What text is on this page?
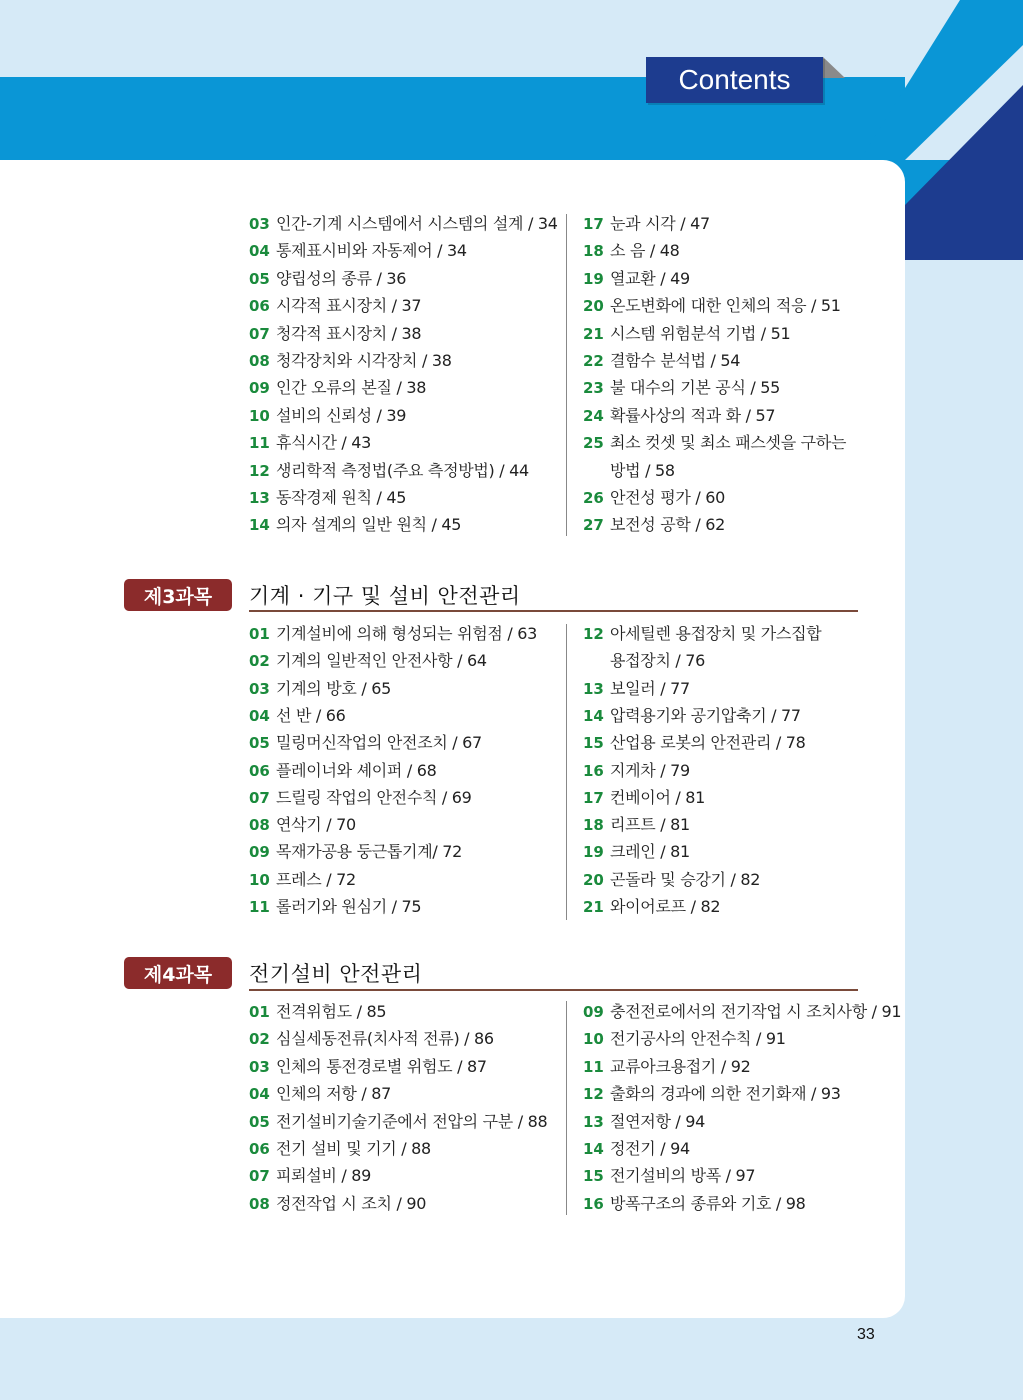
Contents
03 인간-기계 시스템에서 시스템의 설계 / 34
04 통제표시비와 자동제어 / 34
05 양립성의 종류 / 36
06 시각적 표시장치 / 37
07 청각적 표시장치 / 38
08 청각장치와 시각장치 / 38
09 인간 오류의 본질 / 38
10 설비의 신뢰성 / 39
11 휴식시간 / 43
12 생리학적 측정법(주요 측정방법) / 44
13 동작경제 원칙 / 45
14 의자 설계의 일반 원칙 / 45
17 눈과 시각 / 47
18 소 음 / 48
19 열교환 / 49
20 온도변화에 대한 인체의 적응 / 51
21 시스템 위험분석 기법 / 51
22 결함수 분석법 / 54
23 불 대수의 기본 공식 / 55
24 확률사상의 적과 화 / 57
25 최소 컷셋 및 최소 패스셋을 구하는
방법 / 58
26 안전성 평가 / 60
27 보전성 공학 / 62
제3과목	기계 · 기구 및 설비 안전관리
01 기계설비에 의해 형성되는 위험점 / 63
02 기계의 일반적인 안전사항 / 64
03 기계의 방호 / 65
04 선 반 / 66
05 밀링머신작업의 안전조치 / 67
06 플레이너와 셰이퍼 / 68
07 드릴링 작업의 안전수칙 / 69
08 연삭기 / 70
09 목재가공용 둥근톱기계/ 72
10 프레스 / 72
11 롤러기와 원심기 / 75
12 아세틸렌 용접장치 및 가스집합
용접장치 / 76
13 보일러 / 77
14 압력용기와 공기압축기 / 77
15 산업용 로봇의 안전관리 / 78
16 지게차 / 79
17 컨베이어 / 81
18 리프트 / 81
19 크레인 / 81
20 곤돌라 및 승강기 / 82
21 와이어로프 / 82
제4과목	전기설비 안전관리
01 전격위험도 / 85
02 심실세동전류(치사적 전류) / 86
03 인체의 통전경로별 위험도 / 87
04 인체의 저항 / 87
05 전기설비기술기준에서 전압의 구분 / 88
06 전기 설비 및 기기 / 88
07 피뢰설비 / 89
08 정전작업 시 조치 / 90
09 충전전로에서의 전기작업 시 조치사항 / 91
10 전기공사의 안전수칙 / 91
11 교류아크용접기 / 92
12 출화의 경과에 의한 전기화재 / 93
13 절연저항 / 94
14 정전기 / 94
15 전기설비의 방폭 / 97
16 방폭구조의 종류와 기호 / 98
33
